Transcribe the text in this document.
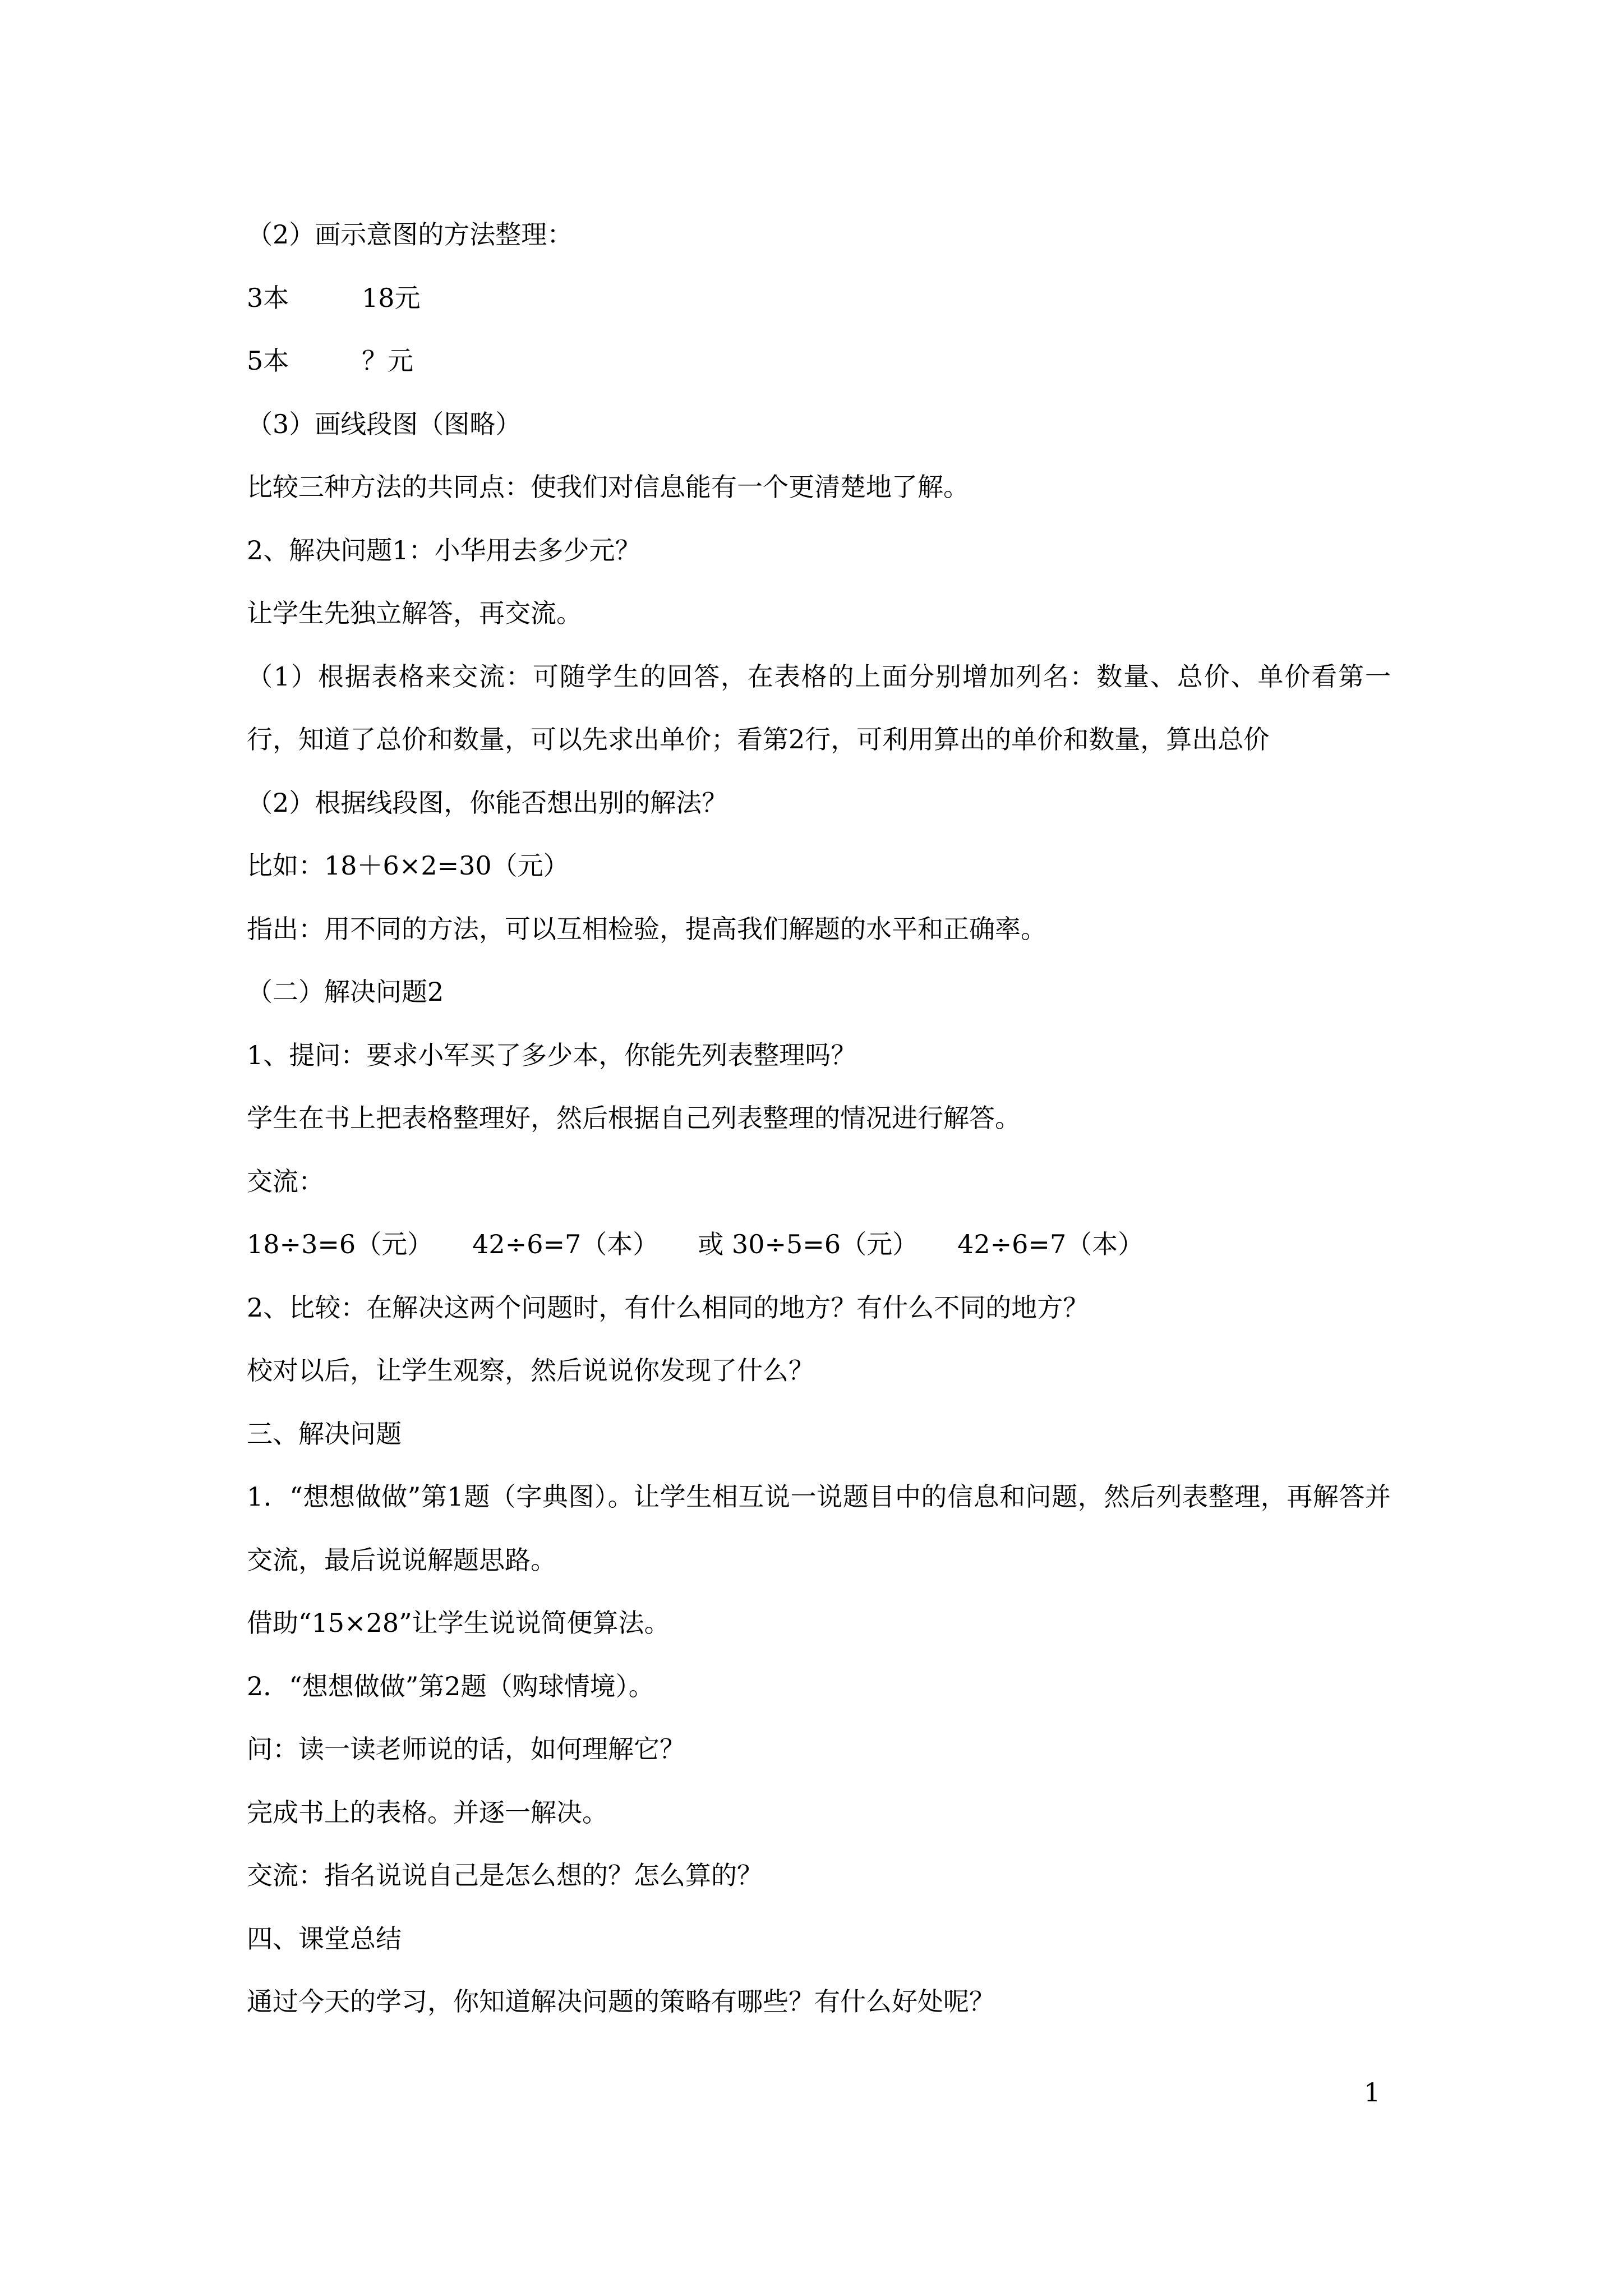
（2）画示意图的方法整理：

3本	18元

5本	？元

（3）画线段图（图略）

比较三种方法的共同点：使我们对信息能有一个更清楚地了解。

2、解决问题1：小华用去多少元？

让学生先独立解答，再交流。

（1）根据表格来交流：可随学生的回答，在表格的上面分别增加列名：数量、总价、单价看第一行，知道了总价和数量，可以先求出单价；看第2行，可利用算出的单价和数量，算出总价

（2）根据线段图，你能否想出别的解法？

比如：18＋6×2=30（元）

指出：用不同的方法，可以互相检验，提高我们解题的水平和正确率。

（二）解决问题2

1、提问：要求小军买了多少本，你能先列表整理吗？

学生在书上把表格整理好，然后根据自己列表整理的情况进行解答。

交流：

18÷3=6（元） 42÷6=7（本） 或 30÷5=6（元） 42÷6=7（本）

2、比较：在解决这两个问题时，有什么相同的地方？有什么不同的地方？

校对以后，让学生观察，然后说说你发现了什么？

三、解决问题

1．“想想做做”第1题（字典图）。让学生相互说一说题目中的信息和问题，然后列表整理，再解答并交流，最后说说解题思路。

借助“15×28”让学生说说简便算法。

2．“想想做做”第2题（购球情境）。

问：读一读老师说的话，如何理解它？

完成书上的表格。并逐一解决。

交流：指名说说自己是怎么想的？怎么算的？

四、课堂总结

通过今天的学习，你知道解决问题的策略有哪些？有什么好处呢？

1
